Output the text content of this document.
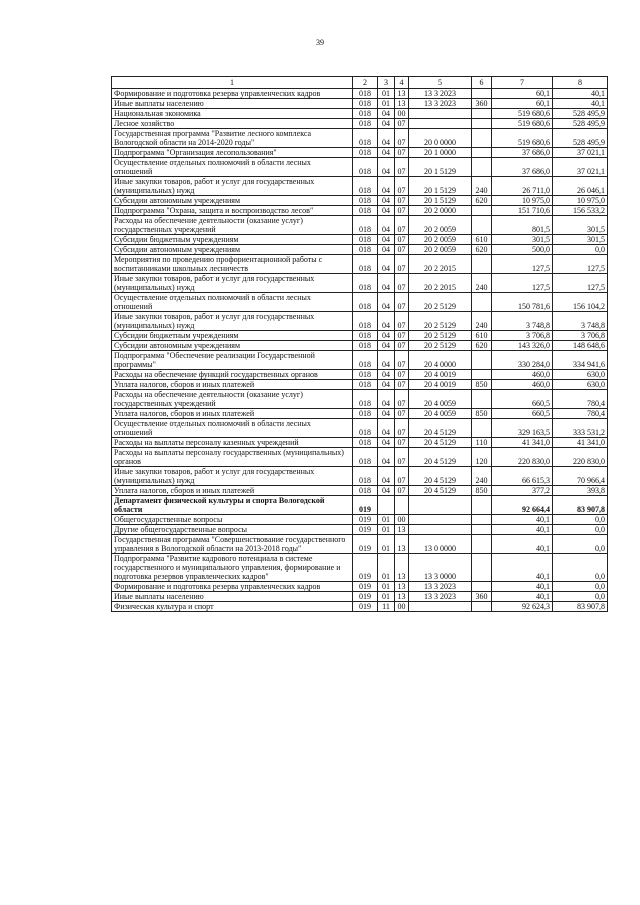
39
1	2	3	4	5	6	7	8
Формирование и подготовка резерва управленческих кадров	018	01	13	13 3 2023		60,1	40,1
Иные выплаты населению	018	01	13	13 3 2023	360	60,1	40,1
Национальная экономика	018	04	00			519 680,6	528 495,9
Лесное хозяйство	018	04	07			519 680,6	528 495,9
Государственная программа "Развитие лесного комплекса Вологодской области на 2014-2020 годы"	018	04	07	20 0 0000		519 680,6	528 495,9
Подпрограмма "Организация лесопользования"	018	04	07	20 1 0000		37 686,0	37 021,1
Осуществление отдельных полномочий в области лесных отношений	018	04	07	20 1 5129		37 686,0	37 021,1
Иные закупки товаров, работ и услуг для государственных (муниципальных) нужд	018	04	07	20 1 5129	240	26 711,0	26 046,1
Субсидии автономным учреждениям	018	04	07	20 1 5129	620	10 975,0	10 975,0
Подпрограмма "Охрана, защита и воспроизводство лесов"	018	04	07	20 2 0000		151 710,6	156 533,2
Расходы на обеспечение деятельности (оказание услуг) государственных учреждений	018	04	07	20 2 0059		801,5	301,5
Субсидии бюджетным учреждениям	018	04	07	20 2 0059	610	301,5	301,5
Субсидии автономным учреждениям	018	04	07	20 2 0059	620	500,0	0,0
Мероприятия по проведению профориентационной работы с воспитанниками школьных лесничеств	018	04	07	20 2 2015		127,5	127,5
Иные закупки товаров, работ и услуг для государственных (муниципальных) нужд	018	04	07	20 2 2015	240	127,5	127,5
Осуществление отдельных полномочий в области лесных отношений	018	04	07	20 2 5129		150 781,6	156 104,2
Иные закупки товаров, работ и услуг для государственных (муниципальных) нужд	018	04	07	20 2 5129	240	3 748,8	3 748,8
Субсидии бюджетным учреждениям	018	04	07	20 2 5129	610	3 706,8	3 706,8
Субсидии автономным учреждениям	018	04	07	20 2 5129	620	143 326,0	148 648,6
Подпрограмма "Обеспечение реализации Государственной программы"	018	04	07	20 4 0000		330 284,0	334 941,6
Расходы на обеспечение функций государственных органов	018	04	07	20 4 0019		460,0	630,0
Уплата налогов, сборов и иных платежей	018	04	07	20 4 0019	850	460,0	630,0
Расходы на обеспечение деятельности (оказание услуг) государственных учреждений	018	04	07	20 4 0059		660,5	780,4
Уплата налогов, сборов и иных платежей	018	04	07	20 4 0059	850	660,5	780,4
Осуществление отдельных полномочий в области лесных отношений	018	04	07	20 4 5129		329 163,5	333 531,2
Расходы на выплаты персоналу казенных учреждений	018	04	07	20 4 5129	110	41 341,0	41 341,0
Расходы на выплаты персоналу государственных (муниципальных) органов	018	04	07	20 4 5129	120	220 830,0	220 830,0
Иные закупки товаров, работ и услуг для государственных (муниципальных) нужд	018	04	07	20 4 5129	240	66 615,3	70 966,4
Уплата налогов, сборов и иных платежей	018	04	07	20 4 5129	850	377,2	393,8
Департамент физической культуры и спорта Вологодской области	019					92 664,4	83 907,8
Общегосударственные вопросы	019	01	00			40,1	0,0
Другие общегосударственные вопросы	019	01	13			40,1	0,0
Государственная программа "Совершенствование государственного управления в Вологодской области на 2013-2018 годы"	019	01	13	13 0 0000		40,1	0,0
Подпрограмма "Развитие кадрового потенциала в системе государственного и муниципального управления, формирование и подготовка резервов управленческих кадров"	019	01	13	13 3 0000		40,1	0,0
Формирование и подготовка резерва управленческих кадров	019	01	13	13 3 2023		40,1	0,0
Иные выплаты населению	019	01	13	13 3 2023	360	40,1	0,0
Физическая культура и спорт	019	11	00			92 624,3	83 907,8
